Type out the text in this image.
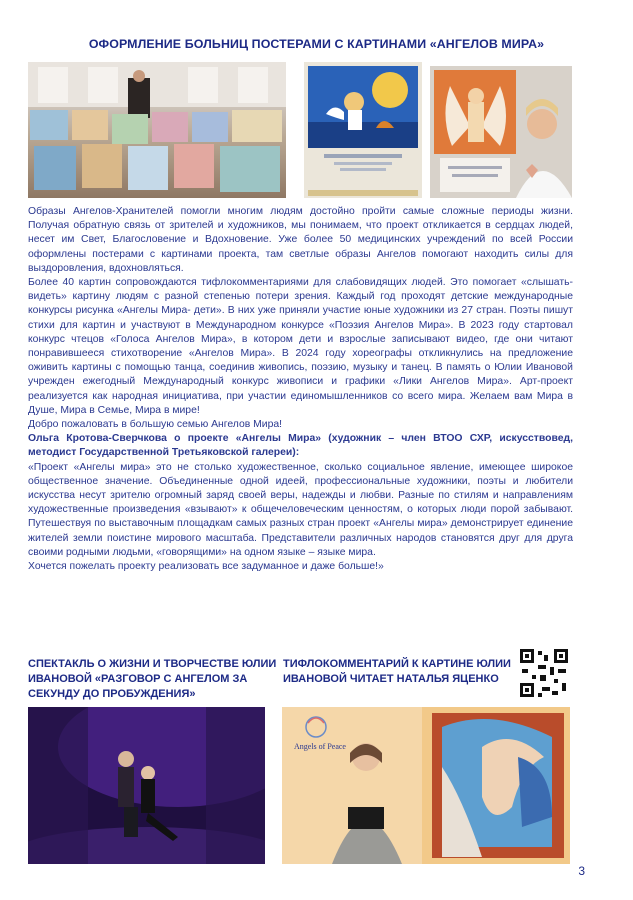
ОФОРМЛЕНИЕ БОЛЬНИЦ ПОСТЕРАМИ С КАРТИНАМИ «АНГЕЛОВ МИРА»

Образы Ангелов-Хранителей помогли многим людям достойно пройти самые сложные периоды жизни. Получая обратную связь от зрителей и художников, мы понимаем, что проект откликается в сердцах людей, несет им Свет, Благословение и Вдохновение. Уже более 50 медицинских учреждений по всей России оформлены постерами с картинами проекта, там светлые образы Ангелов помогают находить силы для выздоровления, вдохновляться.

Более 40 картин сопровождаются тифлокомментариями для слабовидящих людей. Это помогает «слышать-видеть» картину людям с разной степенью потери зрения. Каждый год проходят детские международные конкурсы рисунка «Ангелы Мира- дети». В них уже приняли участие юные художники из 27 стран. Поэты пишут стихи для картин и участвуют в Международном конкурсе «Поэзия Ангелов Мира». В 2023 году стартовал конкурс чтецов «Голоса Ангелов Мира», в котором дети и взрослые записывают видео, где они читают понравившееся стихотворение «Ангелов Мира». В 2024 году хореографы откликнулись на предложение оживить картины с помощью танца, соединив живопись, поэзию, музыку и танец. В память о Юлии Ивановой учрежден ежегодный Международный конкурс живописи и графики «Лики Ангелов Мира». Арт-проект реализуется как народная инициатива, при участии единомышленников со всего мира. Желаем вам Мира в Душе, Мира в Семье, Мира в мире!

Добро пожаловать в большую семью Ангелов Мира!

Ольга Кротова-Сверчкова о проекте «Ангелы Мира» (художник – член ВТОО СХР, искусствовед, методист Государственной Третьяковской галереи):

«Проект «Ангелы мира» это не столько художественное, сколько социальное явление, имеющее широкое общественное значение. Объединенные одной идеей, профессиональные художники, поэты и любители искусства несут зрителю огромный заряд своей веры, надежды и любви. Разные по стилям и направлениям художественные произведения «взывают» к общечеловеческим ценностям, о которых люди порой забывают. Путешествуя по выставочным площадкам самых разных стран проект «Ангелы мира» демонстрирует единение жителей земли поистине мирового масштаба. Представители различных народов становятся друг для друга своими родными людьми, «говорящими» на одном языке – языке мира.

Хочется пожелать проекту реализовать все задуманное и даже больше!»

СПЕКТАКЛЬ О ЖИЗНИ И ТВОРЧЕСТВЕ ЮЛИИ ИВАНОВОЙ «РАЗГОВОР С АНГЕЛОМ ЗА СЕКУНДУ ДО ПРОБУЖДЕНИЯ»
ТИФЛОКОММЕНТАРИЙ К КАРТИНЕ ЮЛИИ ИВАНОВОЙ ЧИТАЕТ НАТАЛЬЯ ЯЦЕНКО
Angels of Peace
3
